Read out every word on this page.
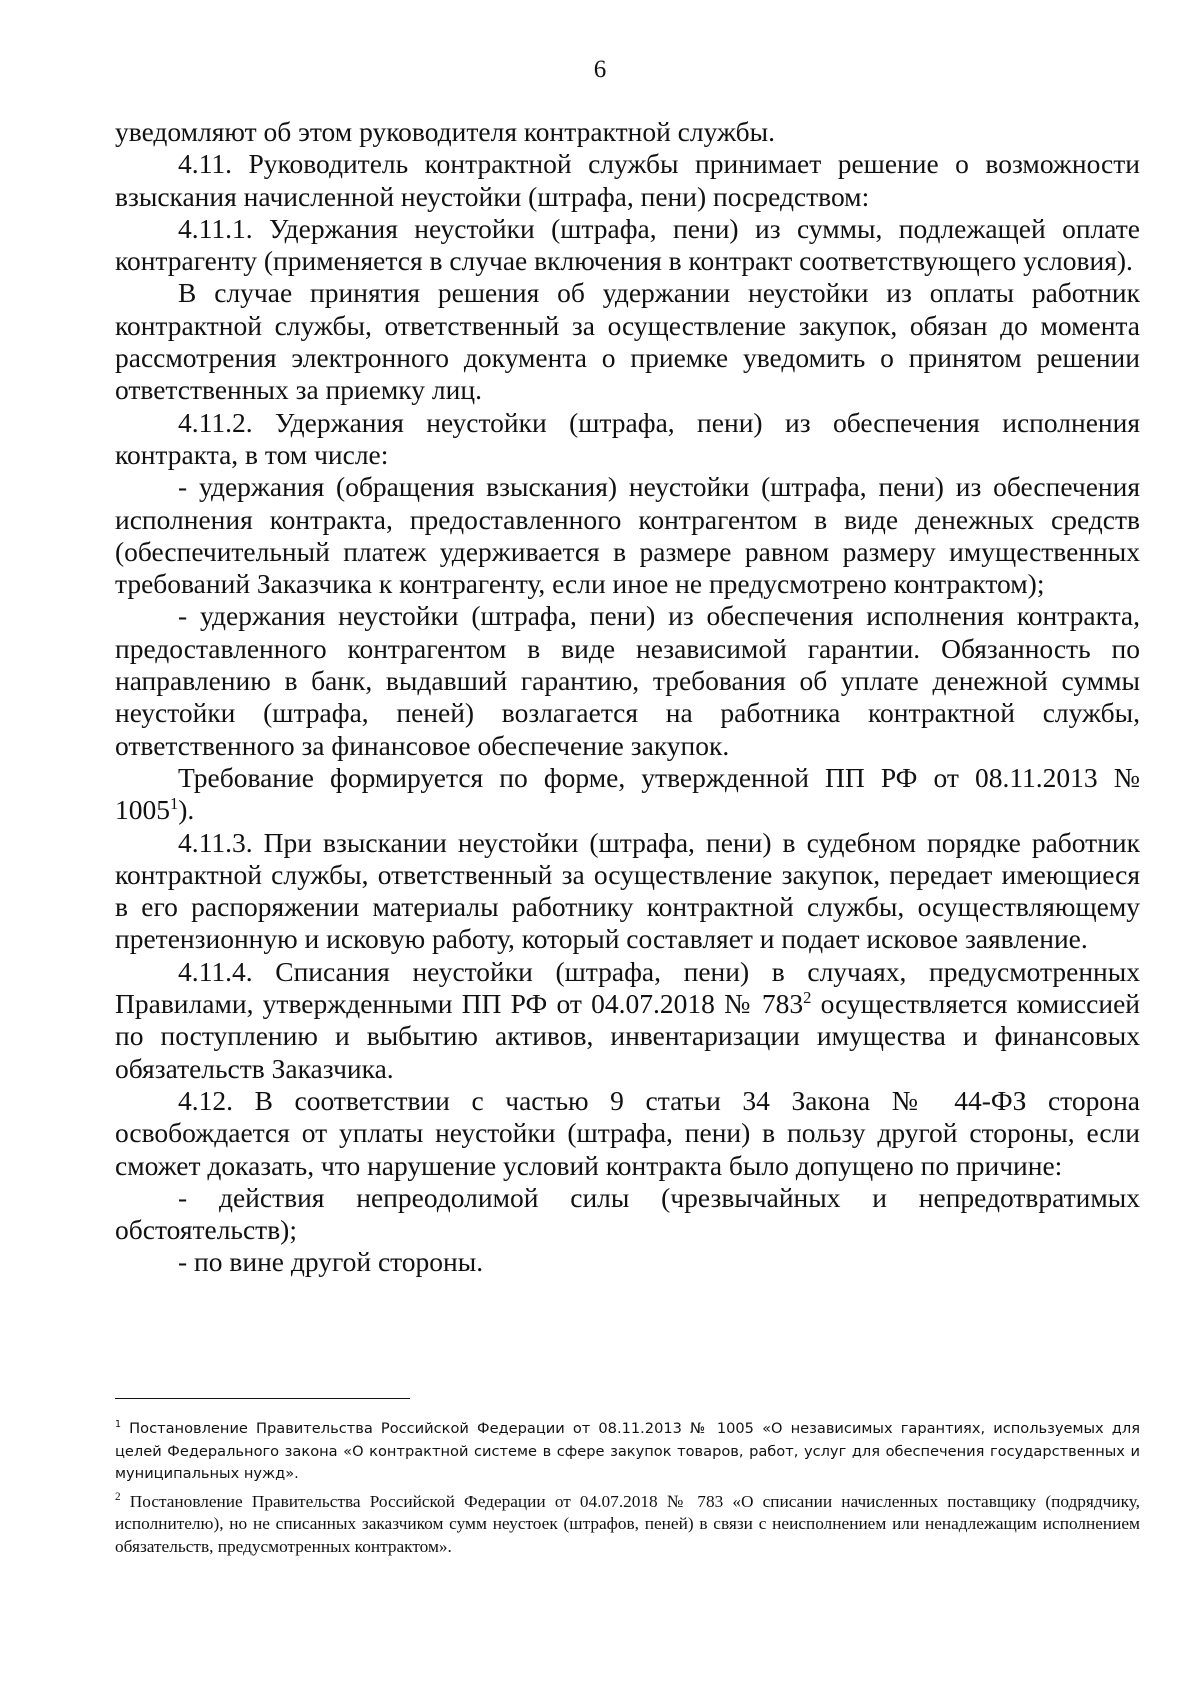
6

уведомляют об этом руководителя контрактной службы.

4.11. Руководитель контрактной службы принимает решение о возможности взыскания начисленной неустойки (штрафа, пени) посредством:

4.11.1. Удержания неустойки (штрафа, пени) из суммы, подлежащей оплате контрагенту (применяется в случае включения в контракт соответствующего условия).

В случае принятия решения об удержании неустойки из оплаты работник контрактной службы, ответственный за осуществление закупок, обязан до момента рассмотрения электронного документа о приемке уведомить о принятом решении ответственных за приемку лиц.

4.11.2. Удержания неустойки (штрафа, пени) из обеспечения исполнения контракта, в том числе:

- удержания (обращения взыскания) неустойки (штрафа, пени) из обеспечения исполнения контракта, предоставленного контрагентом в виде денежных средств (обеспечительный платеж удерживается в размере равном размеру имущественных требований Заказчика к контрагенту, если иное не предусмотрено контрактом);

- удержания неустойки (штрафа, пени) из обеспечения исполнения контракта, предоставленного контрагентом в виде независимой гарантии. Обязанность по направлению в банк, выдавший гарантию, требования об уплате денежной суммы неустойки (штрафа, пеней) возлагается на работника контрактной службы, ответственного за финансовое обеспечение закупок.

Требование формируется по форме, утвержденной ПП РФ от 08.11.2013 № 1005$^1$).

4.11.3. При взыскании неустойки (штрафа, пени) в судебном порядке работник контрактной службы, ответственный за осуществление закупок, передает имеющиеся в его распоряжении материалы работнику контрактной службы, осуществляющему претензионную и исковую работу, который составляет и подает исковое заявление.

4.11.4. Списания неустойки (штрафа, пени) в случаях, предусмотренных Правилами, утвержденными ПП РФ от 04.07.2018 № $783^2$ осуществляется комиссией по поступлению и выбытию активов, инвентаризации имущества и финансовых обязательств Заказчика.

4.12. В соответствии с частью 9 статьи 34 Закона № 44-ФЗ сторона освобождается от уплаты неустойки (штрафа, пени) в пользу другой стороны, если сможет доказать, что нарушение условий контракта было допущено по причине:

- действия непреодолимой силы (чрезвычайных и непредотвратимых обстоятельств);

- по вине другой стороны.

$^1$ Постановление Правительства Российской Федерации от 08.11.2013 № 1005 «О независимых гарантиях, используемых для целей Федерального закона «О контрактной системе в сфере закупок товаров, работ, услуг для обеспечения государственных и муниципальных нужд».

$^2$ Постановление Правительства Российской Федерации от 04.07.2018 № 783 «О списании начисленных поставщику (подрядчику, исполнителю), но не списанных заказчиком сумм неустоек (штрафов, пеней) в связи с неисполнением или ненадлежащим исполнением обязательств, предусмотренных контрактом».
